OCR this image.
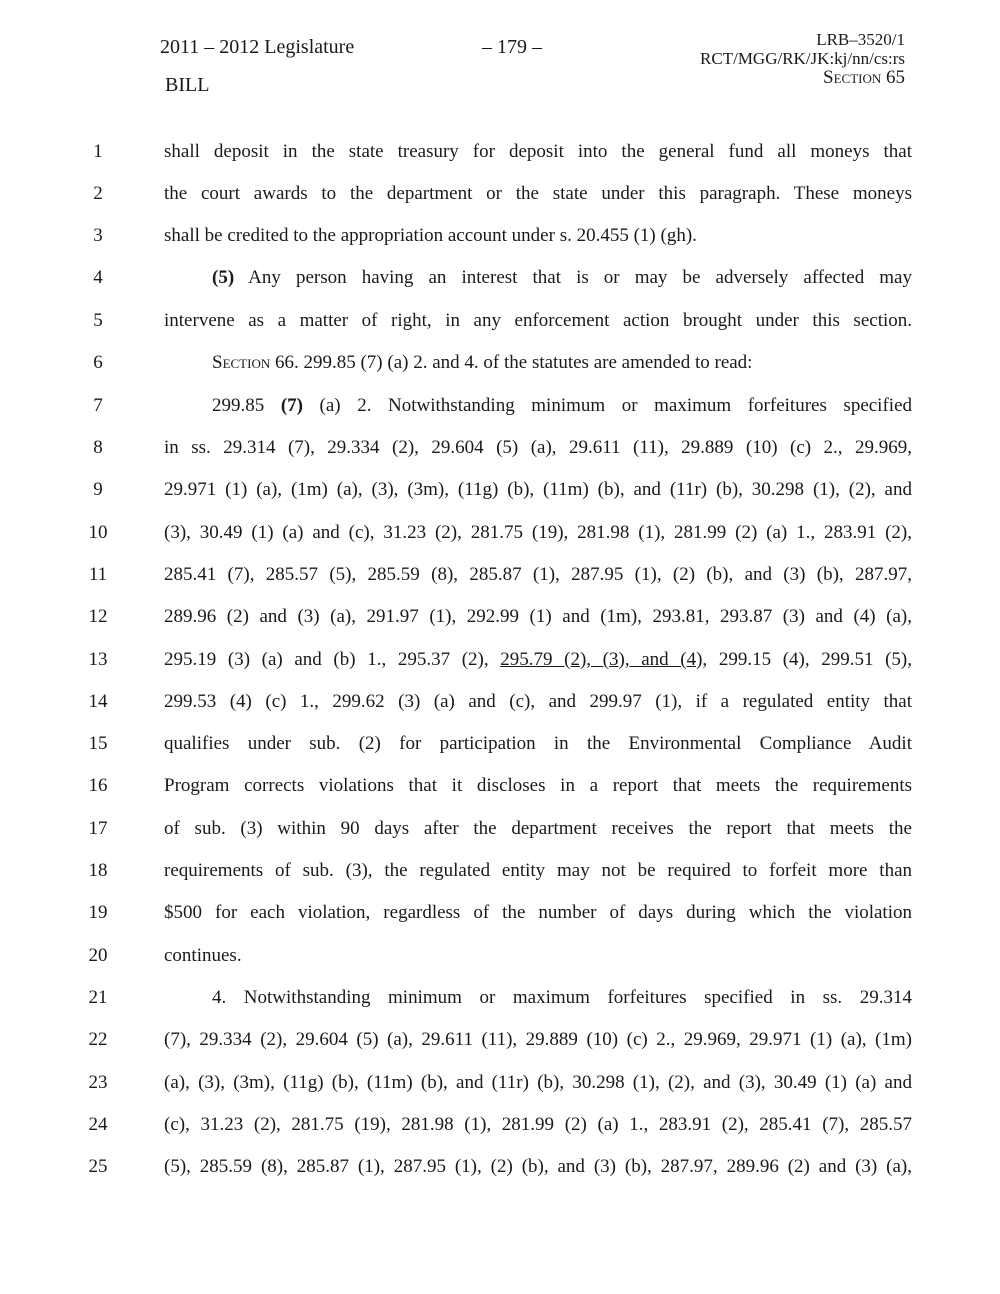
2011 – 2012 Legislature
BILL
– 179 –	LRB–3520/1
RCT/MGG/RK/JK:kj/nn/cs:rs
Section 65
1	shall deposit in the state treasury for deposit into the general fund all moneys that
2	the court awards to the department or the state under this paragraph. These moneys
3	shall be credited to the appropriation account under s. 20.455 (1) (gh).
4	(5) Any person having an interest that is or may be adversely affected may
5	intervene as a matter of right, in any enforcement action brought under this section.
6	Section 66. 299.85 (7) (a) 2. and 4. of the statutes are amended to read:
7	299.85 (7) (a) 2. Notwithstanding minimum or maximum forfeitures specified
8	in ss. 29.314 (7), 29.334 (2), 29.604 (5) (a), 29.611 (11), 29.889 (10) (c) 2., 29.969,
9	29.971 (1) (a), (1m) (a), (3), (3m), (11g) (b), (11m) (b), and (11r) (b), 30.298 (1), (2), and
10	(3), 30.49 (1) (a) and (c), 31.23 (2), 281.75 (19), 281.98 (1), 281.99 (2) (a) 1., 283.91 (2),
11	285.41 (7), 285.57 (5), 285.59 (8), 285.87 (1), 287.95 (1), (2) (b), and (3) (b), 287.97,
12	289.96 (2) and (3) (a), 291.97 (1), 292.99 (1) and (1m), 293.81, 293.87 (3) and (4) (a),
13	295.19 (3) (a) and (b) 1., 295.37 (2), 295.79 (2), (3), and (4), 299.15 (4), 299.51 (5),
14	299.53 (4) (c) 1., 299.62 (3) (a) and (c), and 299.97 (1), if a regulated entity that
15	qualifies under sub. (2) for participation in the Environmental Compliance Audit
16	Program corrects violations that it discloses in a report that meets the requirements
17	of sub. (3) within 90 days after the department receives the report that meets the
18	requirements of sub. (3), the regulated entity may not be required to forfeit more than
19	$500 for each violation, regardless of the number of days during which the violation
20	continues.
21	4. Notwithstanding minimum or maximum forfeitures specified in ss. 29.314
22	(7), 29.334 (2), 29.604 (5) (a), 29.611 (11), 29.889 (10) (c) 2., 29.969, 29.971 (1) (a), (1m)
23	(a), (3), (3m), (11g) (b), (11m) (b), and (11r) (b), 30.298 (1), (2), and (3), 30.49 (1) (a) and
24	(c), 31.23 (2), 281.75 (19), 281.98 (1), 281.99 (2) (a) 1., 283.91 (2), 285.41 (7), 285.57
25	(5), 285.59 (8), 285.87 (1), 287.95 (1), (2) (b), and (3) (b), 287.97, 289.96 (2) and (3) (a),
